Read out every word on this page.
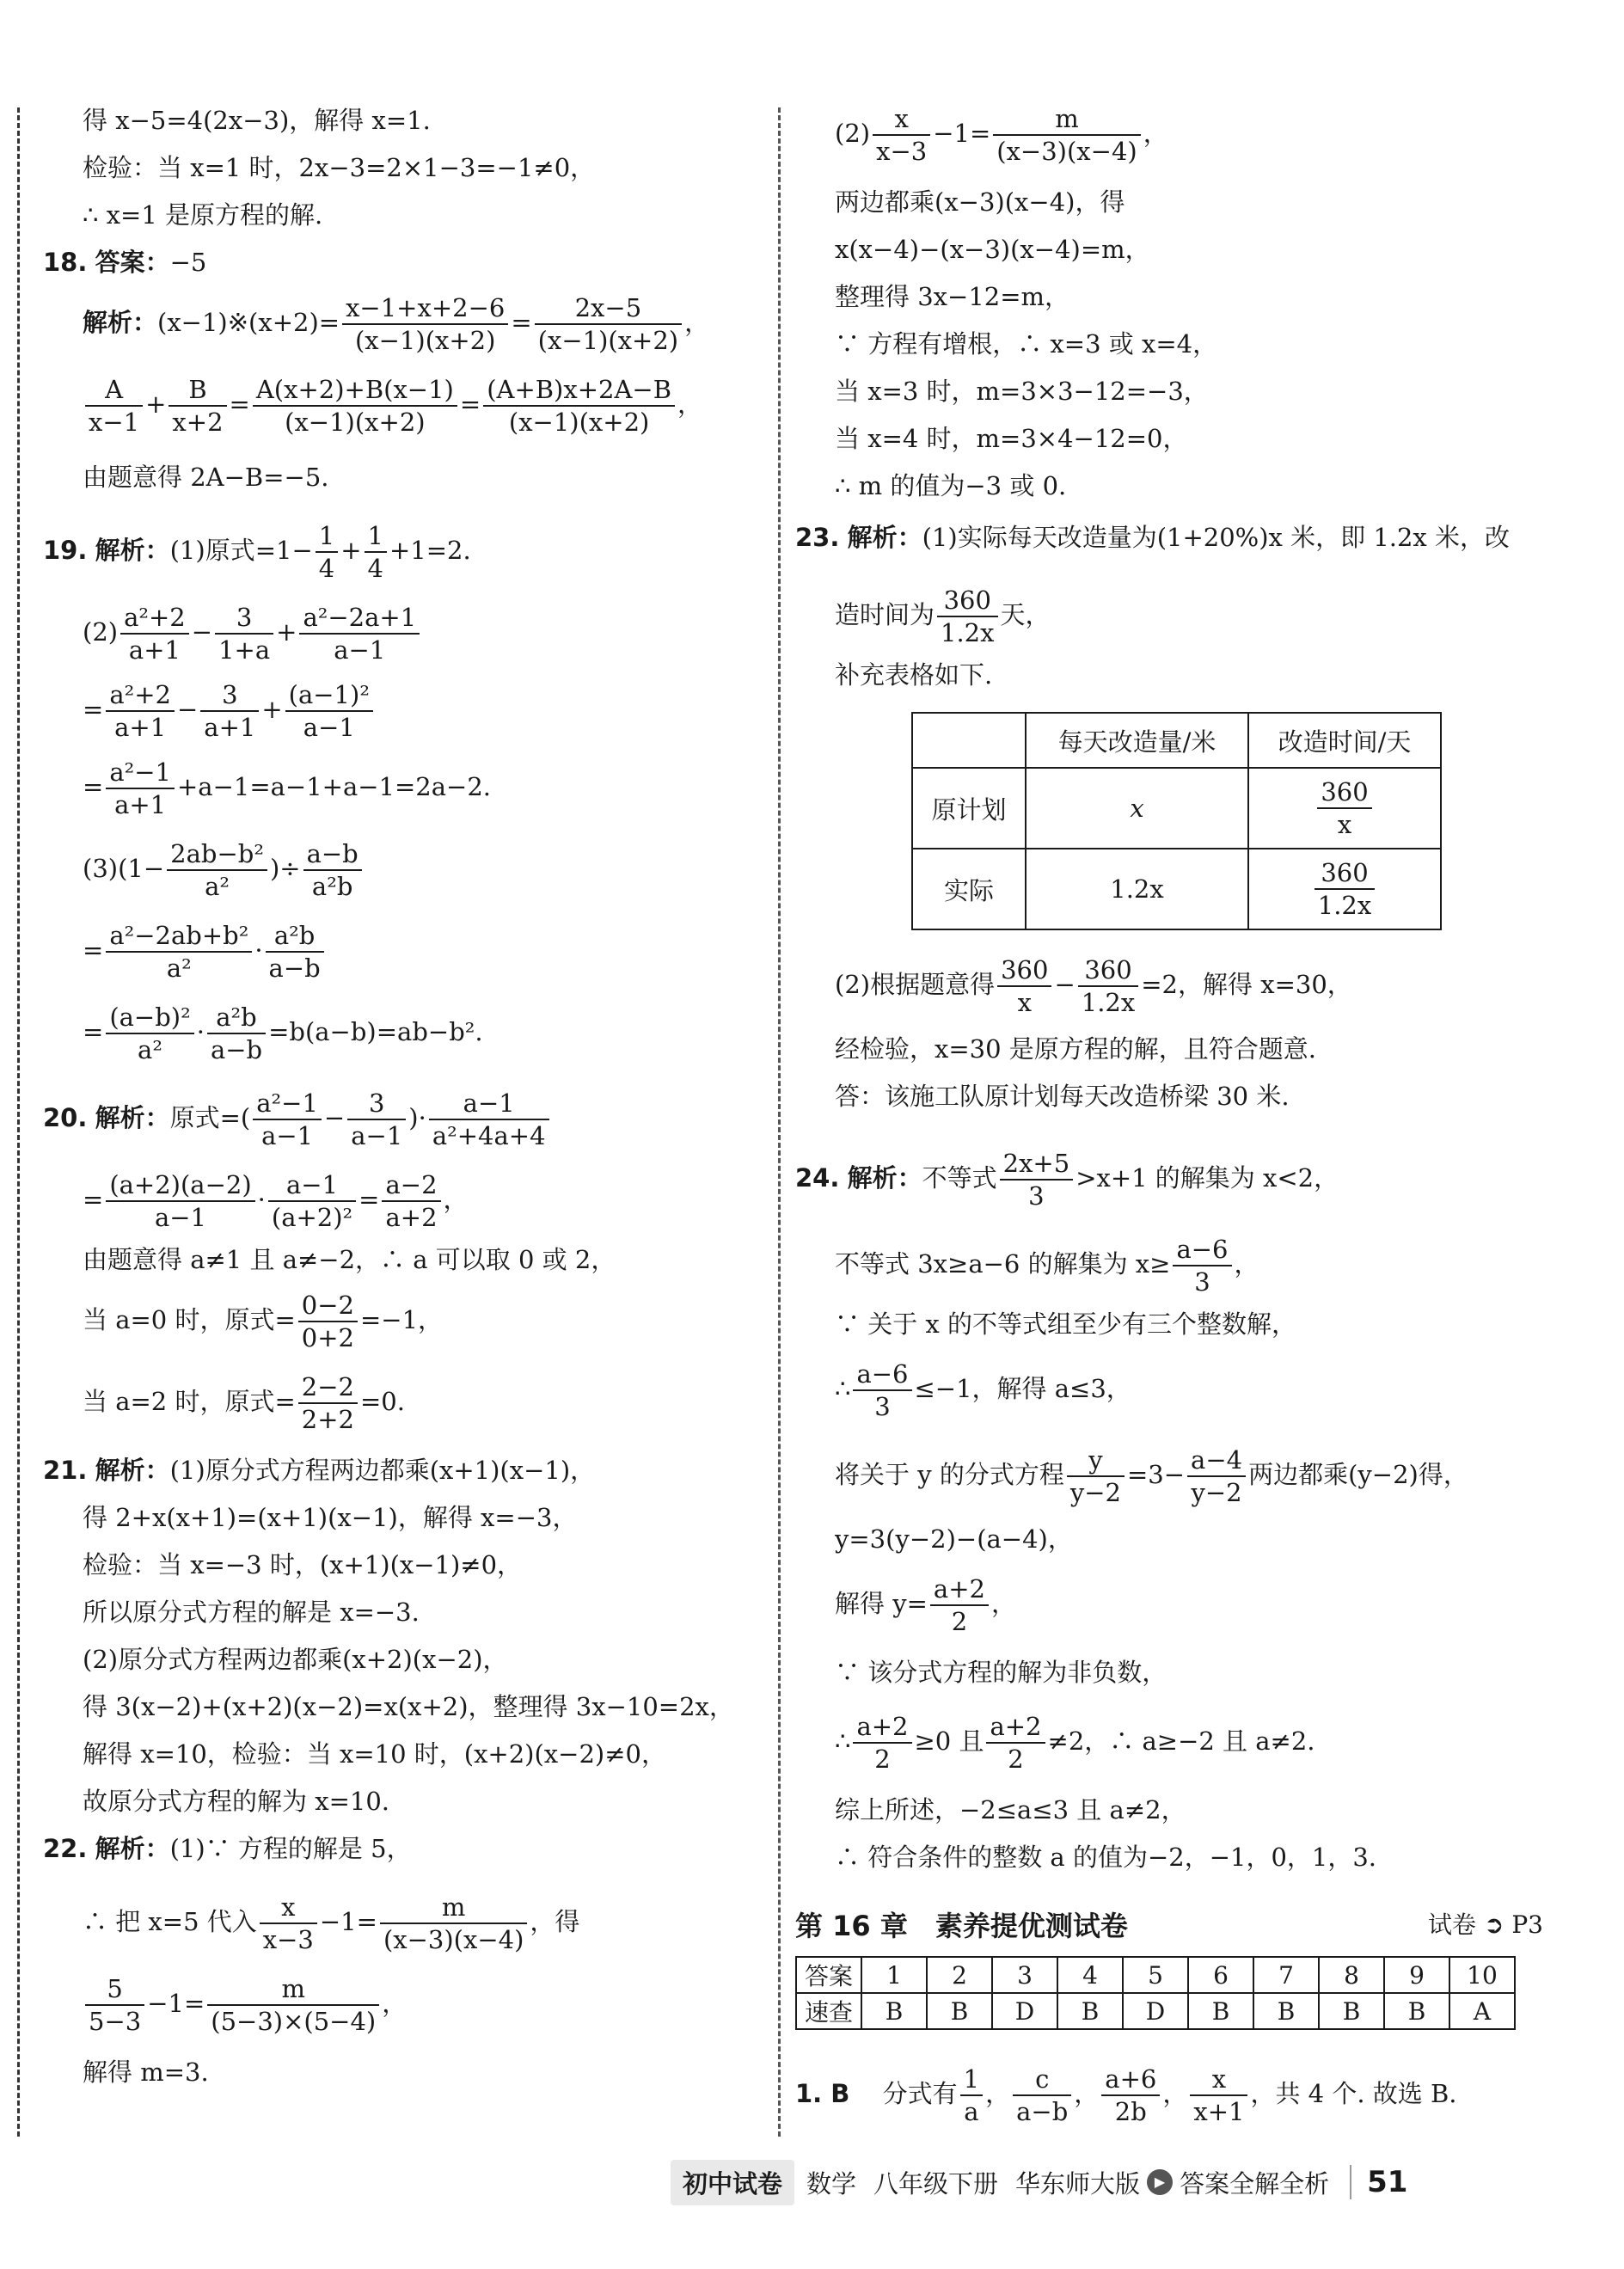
得 x−5=4(2x−3)，解得 x=1.
检验：当 x=1 时，2x−3=2×1−3=−1≠0，
∴ x=1 是原方程的解.
18. 答案：−5
解析：(x−1)※(x+2)= $\frac{x-1+x+2-6}{(x-1)(x+2)} = \frac{2x-5}{(x-1)(x+2)}$ ，
$\frac{A}{x-1} + \frac{B}{x+2} = \frac{A(x+2)+B(x-1)}{(x-1)(x+2)} = \frac{(A+B)x+2A-B}{(x-1)(x+2)}$ ，
由题意得 2A−B=−5.
19. 解析：(1)原式$=1- \frac{1}{4} + \frac{1}{4} +1=2$.
$(2) \frac{\text{a²+2}}{a+1} - \frac{3}{1+a} + \frac{\text{a²−2a+1}}{a-1}$
= $\frac{\text{a²+2}}{a+1} - \frac{3}{a+1} + \frac{\text{(a−1)²}}{a-1}$
= $\frac{\text{a²−1}}{a+1} +a-1=a-1+a-1=2a-2$.
$(3)(1- \frac{\text{2ab−b²}}{\text{a²}}$ )÷ $\frac{a-b}{\text{a²b}}$
= $\frac{\text{a²−2ab+b²}}{\text{a²}} \cdot \frac{\text{a²b}}{a-b}$
= $\frac{\text{(a−b)²}}{\text{a²}} \cdot \frac{\text{a²b}}{a-b} =b(a-b)=ab-b^2$.
20. 解析：原式=( $\frac{\text{a²−1}}{a-1} - \frac{3}{a-1}$ )· $\frac{a-1}{\text{a²+4a+4}}$
= $\frac{(a+2)(a-2)}{a-1} \cdot \frac{a-1}{\text{(a+2)²}} = \frac{a-2}{a+2}$ ，
由题意得 a≠1 且 a≠−2，∴ a 可以取 0 或 2，
当 a=0 时，原式= $\frac{0-2}{0+2} =-1$，
当 a=2 时，原式= $\frac{2-2}{2+2} =0$.
21. 解析：(1)原分式方程两边都乘(x+1)(x−1)，
得 2+x(x+1)=(x+1)(x−1)，解得 x=−3，
检验：当 x=−3 时，(x+1)(x−1)≠0，
所以原分式方程的解是 x=−3.
(2)原分式方程两边都乘(x+2)(x−2)，
得 3(x−2)+(x+2)(x−2)=x(x+2)，整理得 3x−10=2x，
解得 x=10，检验：当 x=10 时，(x+2)(x−2)≠0，
故原分式方程的解为 x=10.
22. 解析：(1)∵ 方程的解是 5，
∴ 把 x=5 代入 $\frac{x}{x-3} -1= \frac{m}{(x-3)(x-4)}$ ，得
$\frac{5}{5-3} -1= \frac{m}{(5-3)\times(5-4)}$ ，
解得 m=3.
$(2) \frac{x}{x-3} -1= \frac{m}{(x-3)(x-4)}$ ，
两边都乘(x−3)(x−4)，得
x(x−4)−(x−3)(x−4)=m，
整理得 3x−12=m，
∵ 方程有增根，∴ x=3 或 x=4，
当 x=3 时，m=3×3−12=−3，
当 x=4 时，m=3×4−12=0，
∴ m 的值为−3 或 0.
23. 解析：(1)实际每天改造量为(1+20%)x 米，即 1.2x 米，改
造时间为 $\frac{360}{1.2x}$ 天，
补充表格如下.
	每天改造量/米	改造时间/天
原计划	x	$\frac{360}{x}$

实际	1.2x	$\frac{360}{1.2x}$
(2)根据题意得 $\frac{360}{x} - \frac{360}{1.2x} =2$，解得 x=30，
经检验，x=30 是原方程的解，且符合题意.
答：该施工队原计划每天改造桥梁 30 米.
24. 解析：不等式 $\frac{2x+5}{3} >x+1$ 的解集为 x<2，
不等式 3x≥a−6 的解集为 $x\ge \frac{a-6}{3}$ ，
∵ 关于 x 的不等式组至少有三个整数解，
∴ $\frac{a-6}{3} \le-1$，解得 a≤3，
将关于 y 的分式方程 $\frac{y}{y-2} =3- \frac{a-4}{y-2}$ 两边都乘(y−2)得，
y=3(y−2)−(a−4)，
解得 $y= \frac{a+2}{2}$ ，
∵ 该分式方程的解为非负数，
∴ $\frac{a+2}{2} \ge 0$ 且 $\frac{a+2}{2} \ne 2$，∴ a≥−2 且 a≠2.
综上所述，−2≤a≤3 且 a≠2，
∴ 符合条件的整数 a 的值为−2，−1，0，1，3.
第 16 章　素养提优测试卷	试卷 ➲ P3
答案	1	2	3	4	5	6	7	8	9	10
速查	B	B	D	B	D	B	B	B	B	A
1. B　 分式有 $\frac{1}{a}$ ， $\frac{c}{a-b}$ ， $\frac{a+6}{2b}$ ， $\frac{x}{x+1}$ ，共 4 个. 故选 B.
初中试卷 数学 八年级下册 华东师大版	▶ 答案全解全析	51
